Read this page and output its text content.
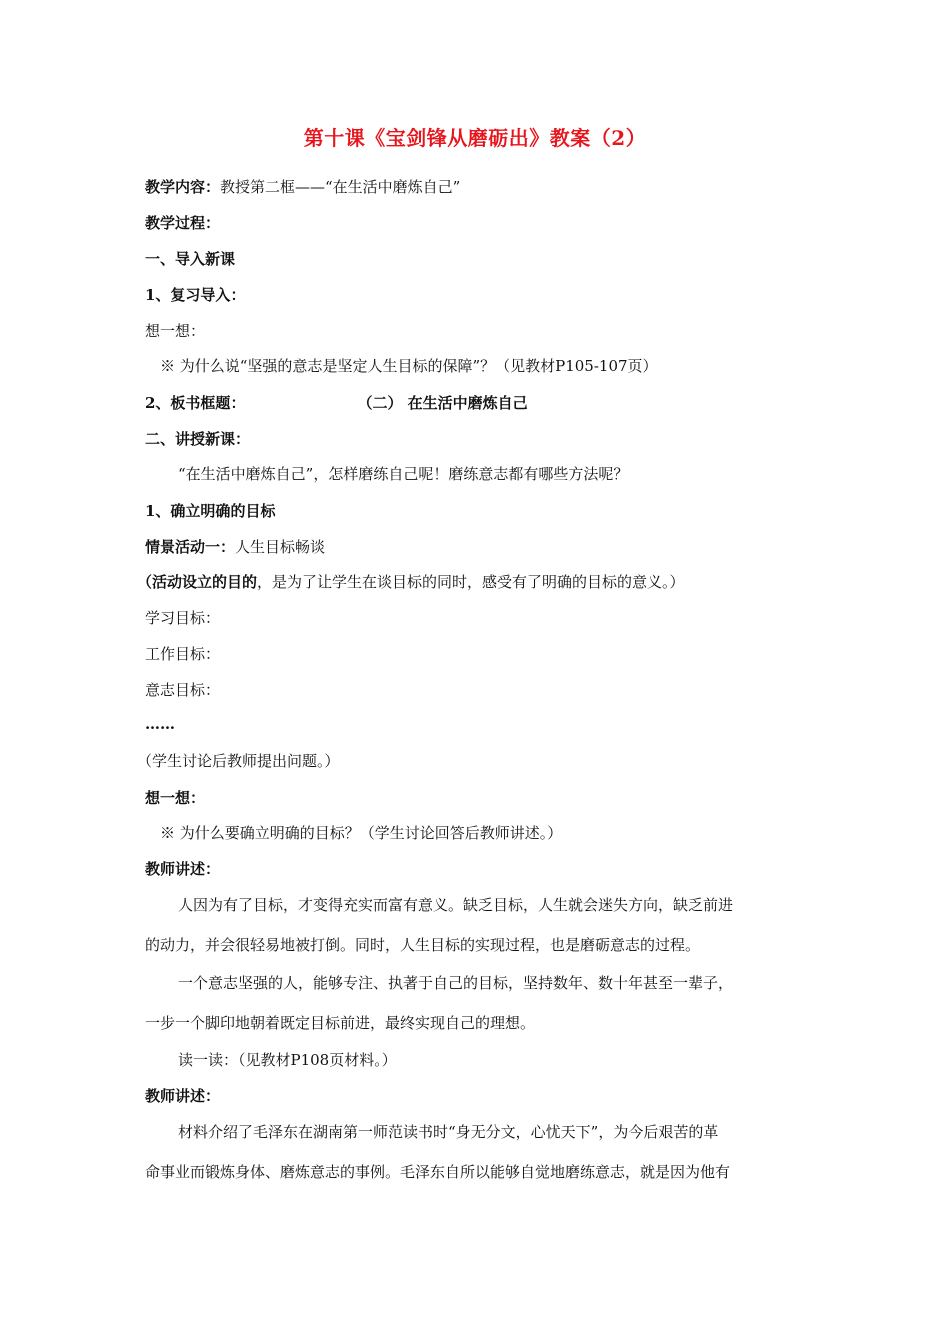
第十课《宝剑锋从磨砺出》教案（2）
教学内容：教授第二框——“在生活中磨炼自己”
教学过程：
一、导入新课
1、复习导入：
想一想：
※ 为什么说“坚强的意志是坚定人生目标的保障”？（见教材P105-107页）
2、板书框题：	（二） 在生活中磨炼自己
二、讲授新课：
“在生活中磨炼自己”，怎样磨练自己呢！磨练意志都有哪些方法呢？
1、确立明确的目标
情景活动一：人生目标畅谈
（活动设立的目的，是为了让学生在谈目标的同时，感受有了明确的目标的意义。）
学习目标：
工作目标：
意志目标：
……
（学生讨论后教师提出问题。）
想一想：
※ 为什么要确立明确的目标？（学生讨论回答后教师讲述。）
教师讲述：
人因为有了目标，才变得充实而富有意义。缺乏目标，人生就会迷失方向，缺乏前进
的动力，并会很轻易地被打倒。同时，人生目标的实现过程，也是磨砺意志的过程。
一个意志坚强的人，能够专注、执著于自己的目标，坚持数年、数十年甚至一辈子，
一步一个脚印地朝着既定目标前进，最终实现自己的理想。
读一读：（见教材P108页材料。）
教师讲述：
材料介绍了毛泽东在湖南第一师范读书时“身无分文，心忧天下”，为今后艰苦的革
命事业而锻炼身体、磨炼意志的事例。毛泽东自所以能够自觉地磨练意志，就是因为他有
